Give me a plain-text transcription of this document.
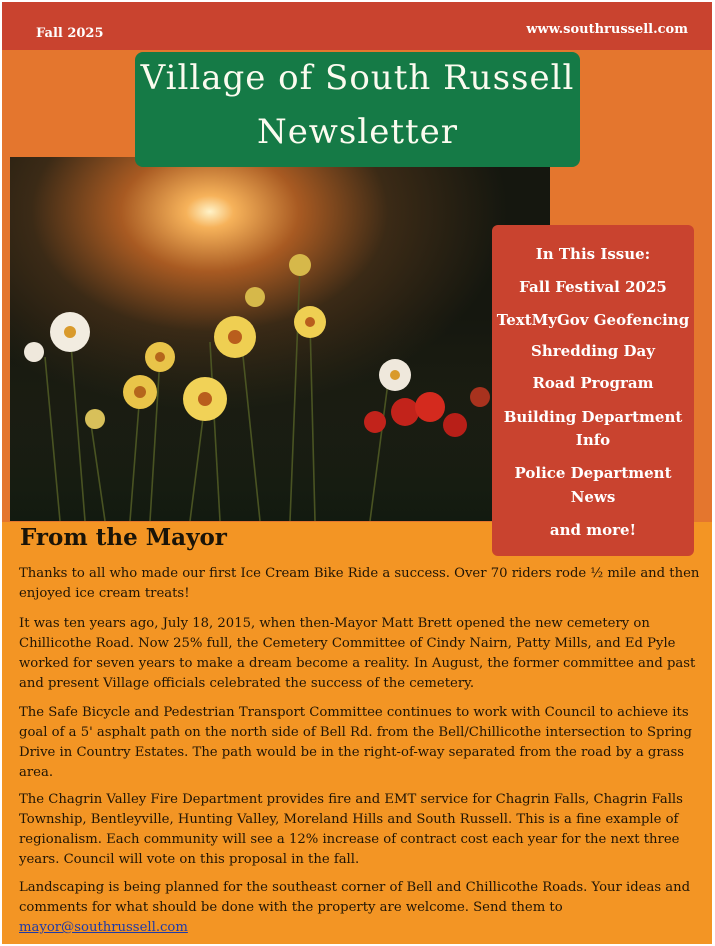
Fall 2025	www.southrussell.com
Village of South Russell
Newsletter
In This Issue:
Fall Festival 2025
TextMyGov Geofencing
Shredding Day
Road Program
Building Department
Info
Police Department
News
and more!
From the Mayor

Thanks to all who made our first Ice Cream Bike Ride a success. Over 70 riders rode ½ mile and then enjoyed ice cream treats!

It was ten years ago, July 18, 2015, when then-Mayor Matt Brett opened the new cemetery on Chillicothe Road. Now 25% full, the Cemetery Committee of Cindy Nairn, Patty Mills, and Ed Pyle worked for seven years to make a dream become a reality. In August, the former committee and past and present Village officials celebrated the success of the cemetery.

The Safe Bicycle and Pedestrian Transport Committee continues to work with Council to achieve its goal of a 5' asphalt path on the north side of Bell Rd. from the Bell/Chillicothe intersection to Spring Drive in Country Estates. The path would be in the right-of-way separated from the road by a grass area.

The Chagrin Valley Fire Department provides fire and EMT service for Chagrin Falls, Chagrin Falls Township, Bentleyville, Hunting Valley, Moreland Hills and South Russell. This is a fine example of regionalism. Each community will see a 12% increase of contract cost each year for the next three years. Council will vote on this proposal in the fall.

Landscaping is being planned for the southeast corner of Bell and Chillicothe Roads. Your ideas and comments for what should be done with the property are welcome. Send them to mayor@southrussell.com
